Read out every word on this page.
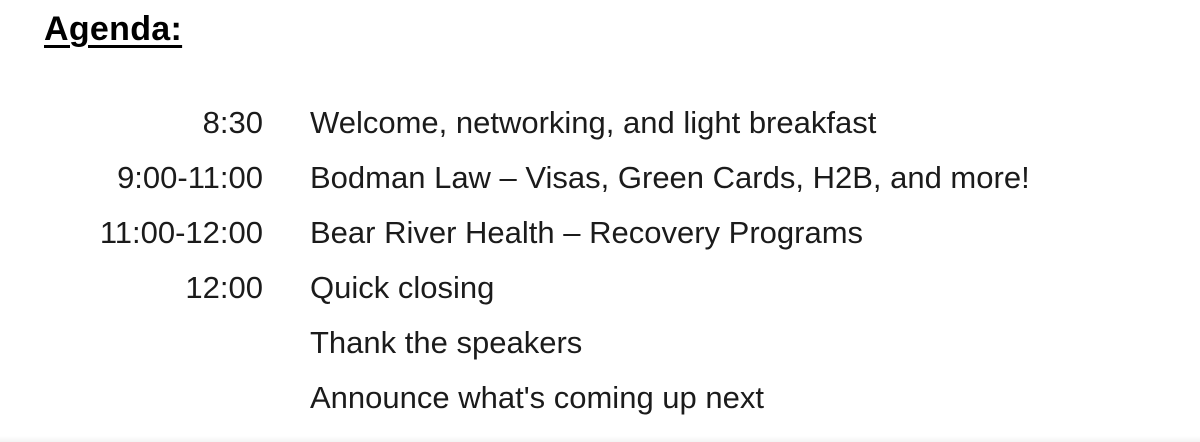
Agenda:
8:30 Welcome, networking, and light breakfast
9:00-11:00 Bodman Law – Visas, Green Cards, H2B, and more!
11:00-12:00 Bear River Health – Recovery Programs
12:00 Quick closing
Thank the speakers
Announce what's coming up next
